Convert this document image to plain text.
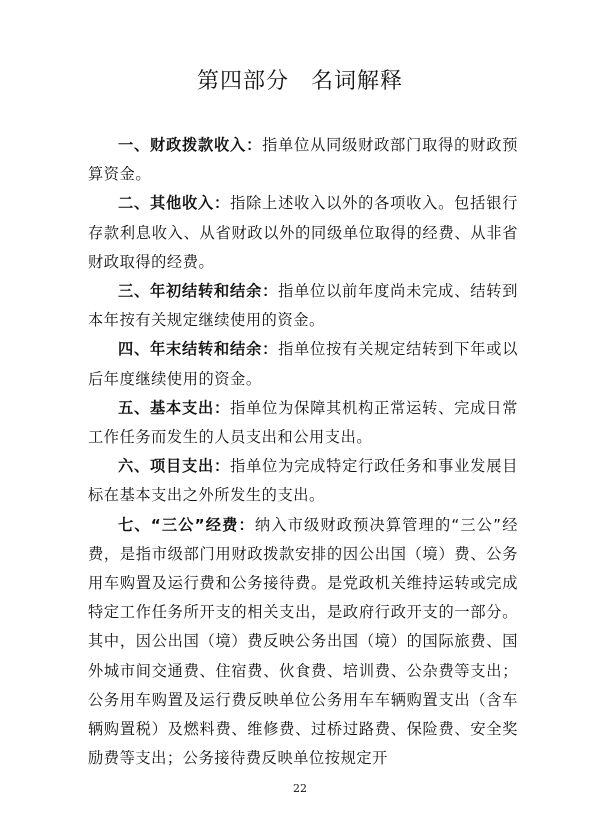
第四部分 名词解释

一、财政拨款收入：指单位从同级财政部门取得的财政预算资金。

二、其他收入：指除上述收入以外的各项收入。包括银行存款利息收入、从省财政以外的同级单位取得的经费、从非省财政取得的经费。

三、年初结转和结余：指单位以前年度尚未完成、结转到本年按有关规定继续使用的资金。

四、年末结转和结余：指单位按有关规定结转到下年或以后年度继续使用的资金。

五、基本支出：指单位为保障其机构正常运转、完成日常工作任务而发生的人员支出和公用支出。

六、项目支出：指单位为完成特定行政任务和事业发展目标在基本支出之外所发生的支出。

七、“三公”经费：纳入市级财政预决算管理的“三公”经费，是指市级部门用财政拨款安排的因公出国（境）费、公务用车购置及运行费和公务接待费。是党政机关维持运转或完成特定工作任务所开支的相关支出，是政府行政开支的一部分。其中，因公出国（境）费反映公务出国（境）的国际旅费、国外城市间交通费、住宿费、伙食费、培训费、公杂费等支出；公务用车购置及运行费反映单位公务用车车辆购置支出（含车辆购置税）及燃料费、维修费、过桥过路费、保险费、安全奖励费等支出；公务接待费反映单位按规定开

22
